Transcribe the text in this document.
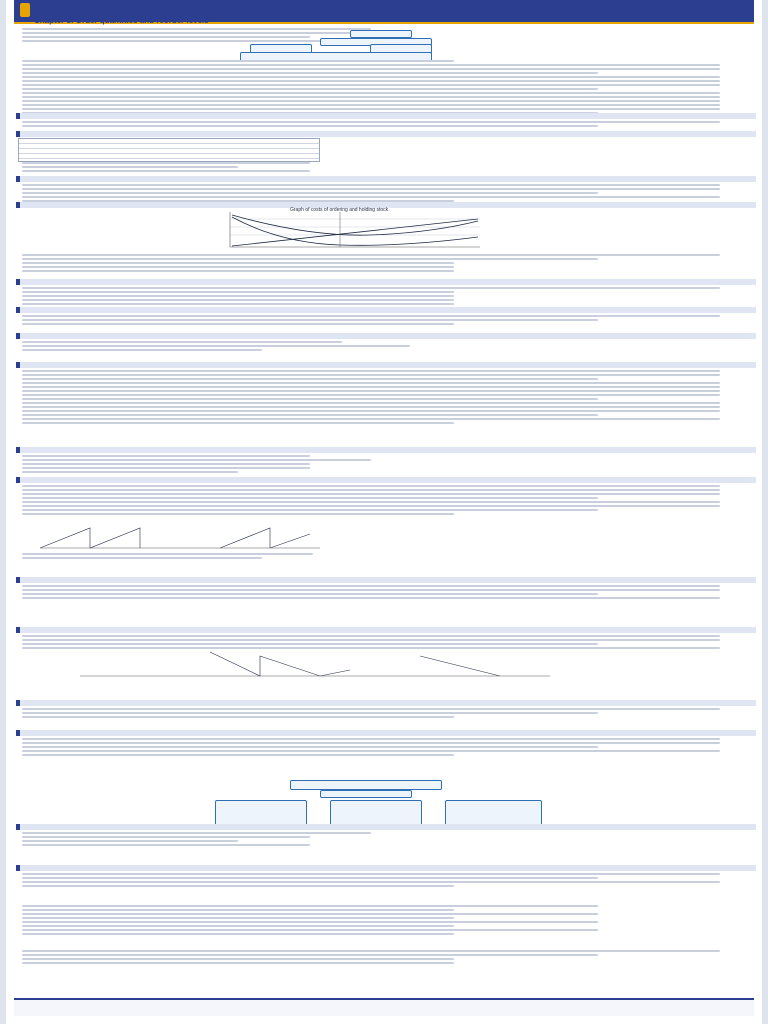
Chapter 8: Order quantities and reorder levels
Graph of costs of ordering and holding stock
